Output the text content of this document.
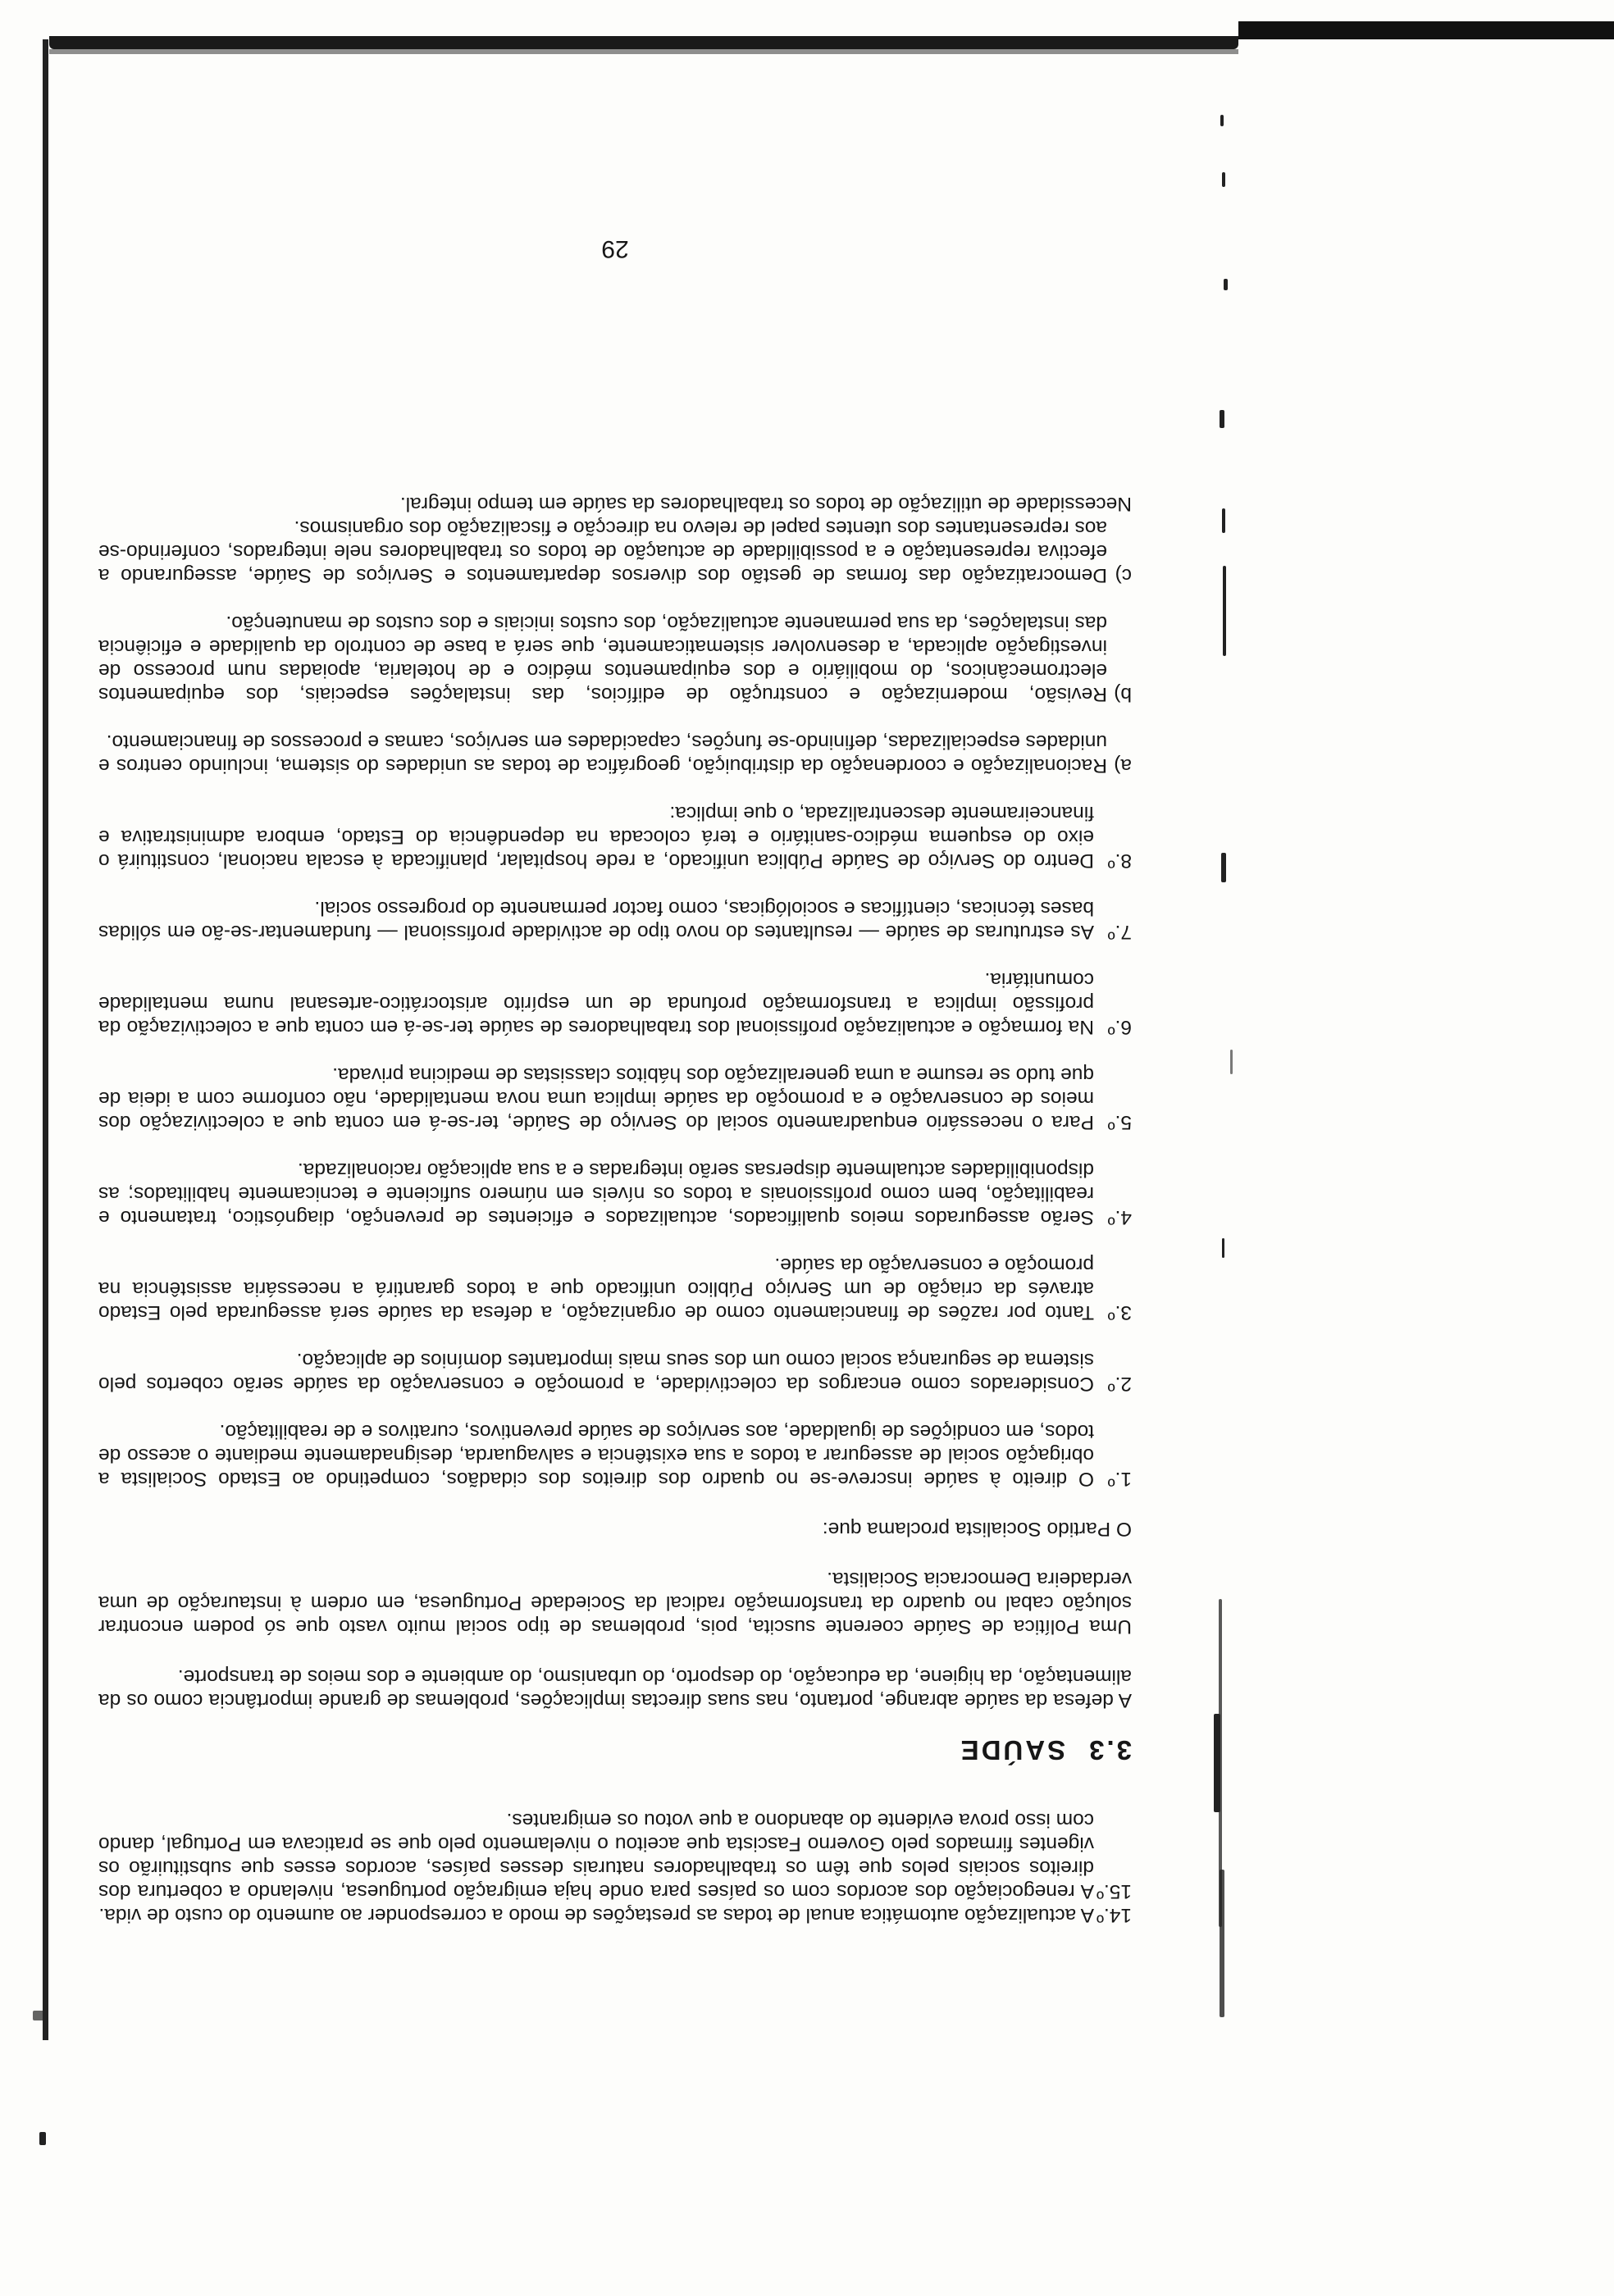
14.º
A actualização automática anual de todas as prestações de modo a corresponder ao aumento do custo de vida.
15.º
A renegociação dos acordos com os países para onde haja emigração portuguesa, nivelando a cobertura dos direitos sociais pelos que têm os trabalhadores naturais desses países, acordos esses que substituirão os vigentes firmados pelo Governo Fascista que aceitou o nivelamento pelo que se praticava em Portugal, dando com isso prova evidente do abandono a que votou os emigrantes.
3.3SAÚDE

A defesa da saúde abrange, portanto, nas suas directas implicações, problemas de grande importância como os da alimentação, da higiene, da educação, do desporto, do urbanismo, do ambiente e dos meios de transporte.

Uma Política de Saúde coerente suscita, pois, problemas de tipo social muito vasto que só podem encontrar solução cabal no quadro da transformação radical da Sociedade Portuguesa, em ordem à instauração de uma verdadeira Democracia Socialista.

O Partido Socialista proclama que:

1.º
O direito à saúde inscreve-se no quadro dos direitos dos cidadãos, competindo ao Estado Socialista a obrigação social de assegurar a todos a sua existência e salvaguarda, designadamente mediante o acesso de todos, em condições de igualdade, aos serviços de saúde preventivos, curativos e de reabilitação.
2.º
Considerados como encargos da colectividade, a promoção e conservação da saúde serão cobertos pelo sistema de segurança social como um dos seus mais importantes domínios de aplicação.
3.º
Tanto por razões de financiamento como de organização, a defesa da saúde será assegurada pelo Estado através da criação de um Serviço Público unificado que a todos garantirá a necessária assistência na promoção e conservação da saúde.
4.º
Serão assegurados meios qualificados, actualizados e eficientes de prevenção, diagnóstico, tratamento e reabilitação, bem como profissionais a todos os níveis em número suficiente e tecnicamente habilitados; as disponibilidades actualmente dispersas serão integradas e a sua aplicação racionalizada.
5.º
Para o necessário enquadramento social do Serviço de Saúde, ter-se-á em conta que a colectivização dos meios de conservação e a promoção da saúde implica uma nova mentalidade, não conforme com a ideia de que tudo se resume a uma generalização dos hábitos classistas de medicina privada.
6.º
Na formação e actualização profissional dos trabalhadores de saúde ter-se-á em conta que a colectivização da profissão implica a transformação profunda de um espírito aristocrático-artesanal numa mentalidade comunitária.
7.º
As estruturas de saúde — resultantes do novo tipo de actividade profissional — fundamentar-se-ão em sólidas bases técnicas, científicas e sociológicas, como factor permanente do progresso social.
8.º
Dentro do Serviço de Saúde Pública unificado, a rede hospitalar, planificada à escala nacional, constituirá o eixo do esquema médico-sanitário e terá colocada na dependência do Estado, embora administrativa e financeiramente descentralizada, o que implica:
a)
Racionalização e coordenação da distribuição, geográfica de todas as unidades do sistema, incluindo centros e unidades especializadas, definindo-se funções, capacidades em serviços, camas e processos de financiamento.
b)
Revisão, modernização e construção de edifícios, das instalações especiais, dos equipamentos electromecânicos, do mobiliário e dos equipamentos médico e de hotelaria, apoiadas num processo de investigação aplicada, a desenvolver sistematicamente, que será a base de controlo da qualidade e eficiência das instalações, da sua permanente actualização, dos custos iniciais e dos custos de manutenção.
c)
Democratização das formas de gestão dos diversos departamentos e Serviços de Saúde, assegurando a efectiva representação e a possibilidade de actuação de todos os trabalhadores nele integrados, conferindo-se aos representantes dos utentes papel de relevo na direcção e fiscalização dos organismos.

Necessidade de utilização de todos os trabalhadores da saúde em tempo integral.

29
